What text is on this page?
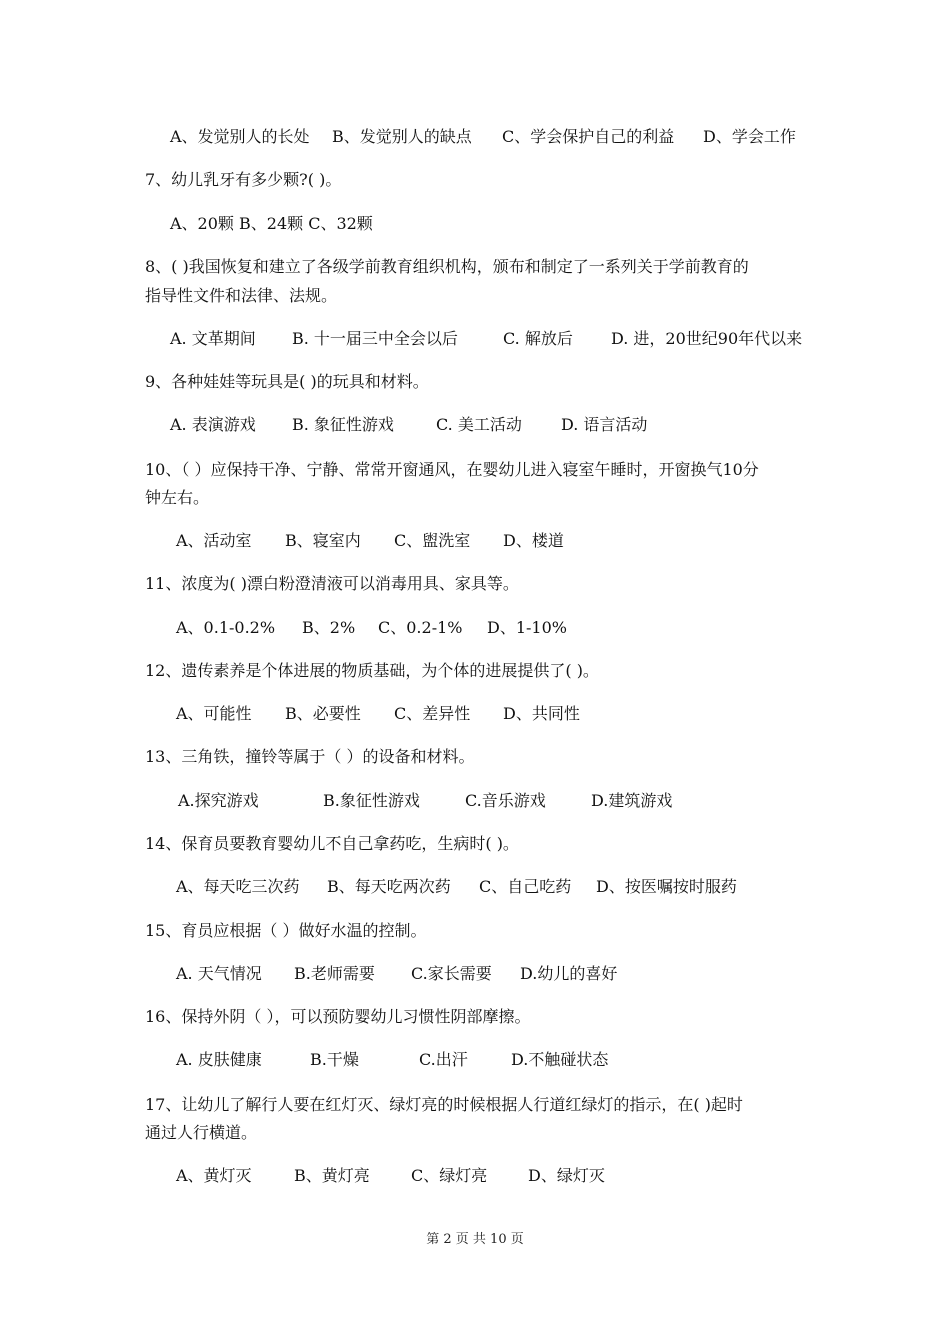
A、发觉别人的长处 B、发觉别人的缺点 C、学会保护自己的利益 D、学会工作
7、幼儿乳牙有多少颗?( )。
A、20颗 B、24颗 C、32颗
8、( )我国恢复和建立了各级学前教育组织机构，颁布和制定了一系列关于学前教育的
指导性文件和法律、法规。
A. 文革期间 B. 十一届三中全会以后	C. 解放后 D. 进，20世纪90年代以来
9、各种娃娃等玩具是( )的玩具和材料。
A. 表演游戏 B. 象征性游戏	C. 美工活动 D. 语言活动
10、（ ）应保持干净、宁静、常常开窗通风，在婴幼儿进入寝室午睡时，开窗换气10分
钟左右。
A、活动室 B、寝室内 C、盥洗室 D、楼道
11、浓度为( )漂白粉澄清液可以消毒用具、家具等。
A、0.1-0.2% B、2% C、0.2-1% D、1-10%
12、遗传素养是个体进展的物质基础，为个体的进展提供了( )。
A、可能性 B、必要性 C、差异性 D、共同性
13、三角铁，撞铃等属于（ ）的设备和材料。
A.探究游戏	B.象征性游戏	C.音乐游戏	D.建筑游戏
14、保育员要教育婴幼儿不自己拿药吃，生病时( )。
A、每天吃三次药 B、每天吃两次药 C、自己吃药 D、按医嘱按时服药
15、育员应根据（ ）做好水温的控制。
A. 天气情况 B.老师需要 C.家长需要 D.幼儿的喜好
16、保持外阴（ ），可以预防婴幼儿习惯性阴部摩擦。
A. 皮肤健康	B.干燥	C.出汗	D.不触碰状态
17、让幼儿了解行人要在红灯灭、绿灯亮的时候根据人行道红绿灯的指示，在( )起时
通过人行横道。
A、黄灯灭	B、黄灯亮	C、绿灯亮	D、绿灯灭
第 2 页 共 10 页
